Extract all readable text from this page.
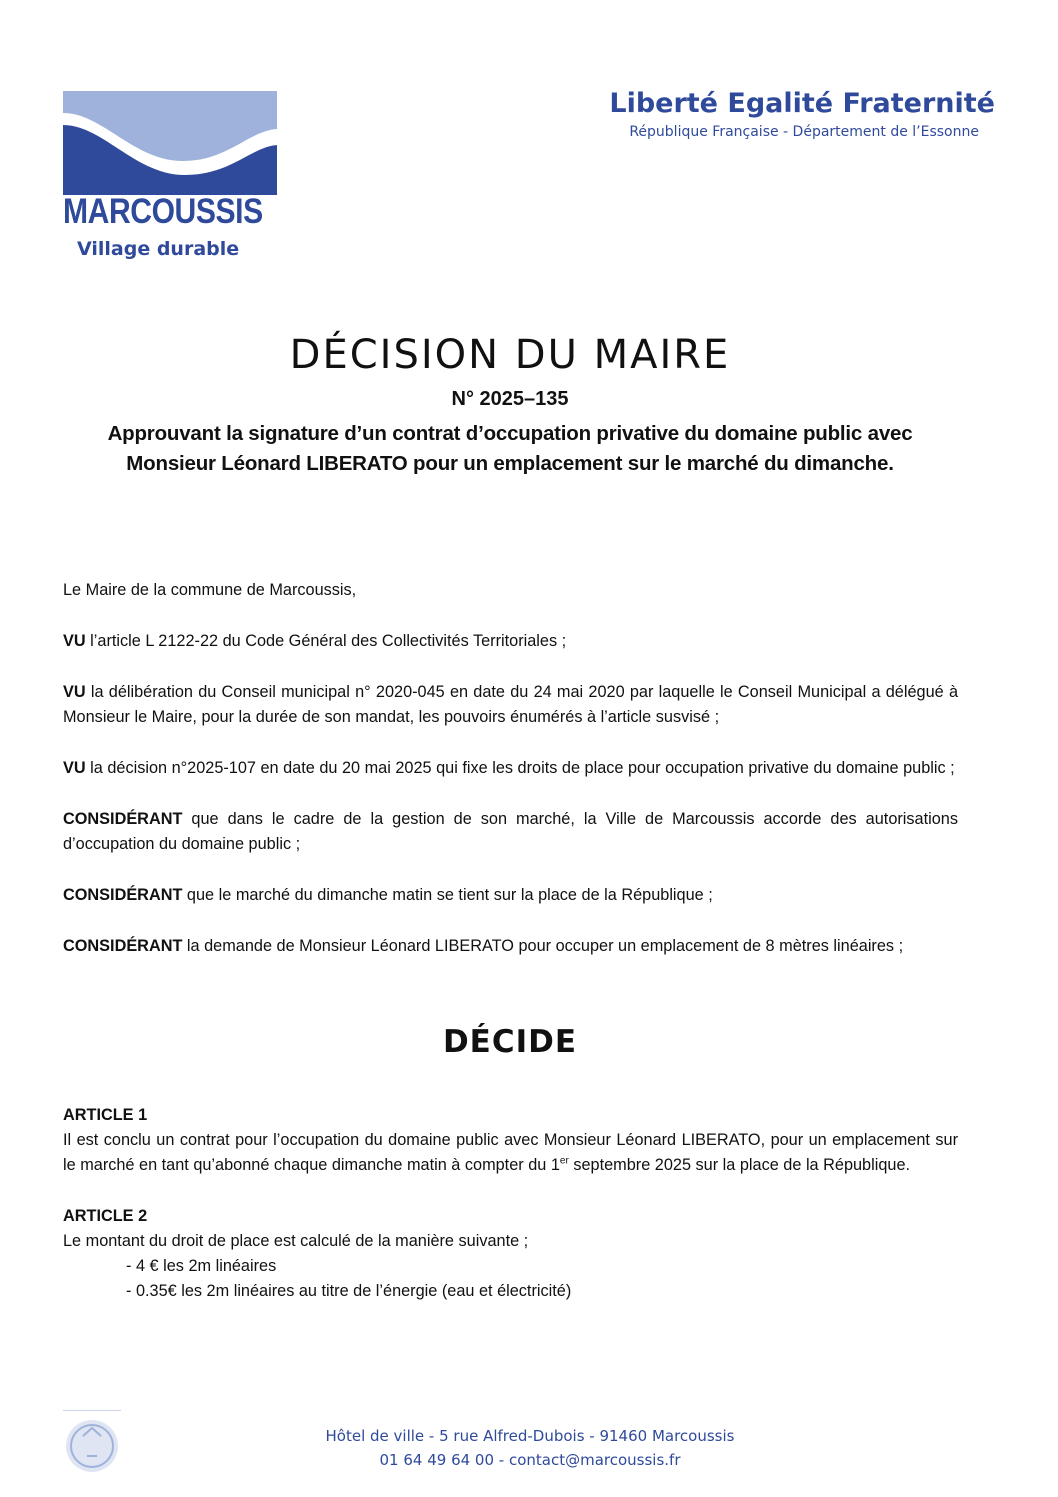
MARCOUSSIS
Village durable
Liberté Egalité Fraternité
République Française - Département de l’Essonne
DÉCISION DU MAIRE
N° 2025–135
Approuvant la signature d’un contrat d’occupation privative du domaine public avec Monsieur Léonard LIBERATO pour un emplacement sur le marché du dimanche.

Le Maire de la commune de Marcoussis,

VU l’article L 2122-22 du Code Général des Collectivités Territoriales ;

VU la délibération du Conseil municipal n° 2020-045 en date du 24 mai 2020 par laquelle le Conseil Municipal a délégué à Monsieur le Maire, pour la durée de son mandat, les pouvoirs énumérés à l’article susvisé ;

VU la décision n°2025-107 en date du 20 mai 2025 qui fixe les droits de place pour occupation privative du domaine public ;

CONSIDÉRANT que dans le cadre de la gestion de son marché, la Ville de Marcoussis accorde des autorisations d’occupation du domaine public ;

CONSIDÉRANT que le marché du dimanche matin se tient sur la place de la République ;

CONSIDÉRANT la demande de Monsieur Léonard LIBERATO pour occuper un emplacement de 8 mètres linéaires ;

DÉCIDE
ARTICLE 1
Il est conclu un contrat pour l’occupation du domaine public avec Monsieur Léonard LIBERATO, pour un emplacement sur le marché en tant qu’abonné chaque dimanche matin à compter du 1er septembre 2025 sur la place de la République.
ARTICLE 2
Le montant du droit de place est calculé de la manière suivante ;
- 4 € les 2m linéaires
- 0.35€ les 2m linéaires au titre de l’énergie (eau et électricité)
Hôtel de ville - 5 rue Alfred-Dubois - 91460 Marcoussis
01 64 49 64 00 - contact@marcoussis.fr
